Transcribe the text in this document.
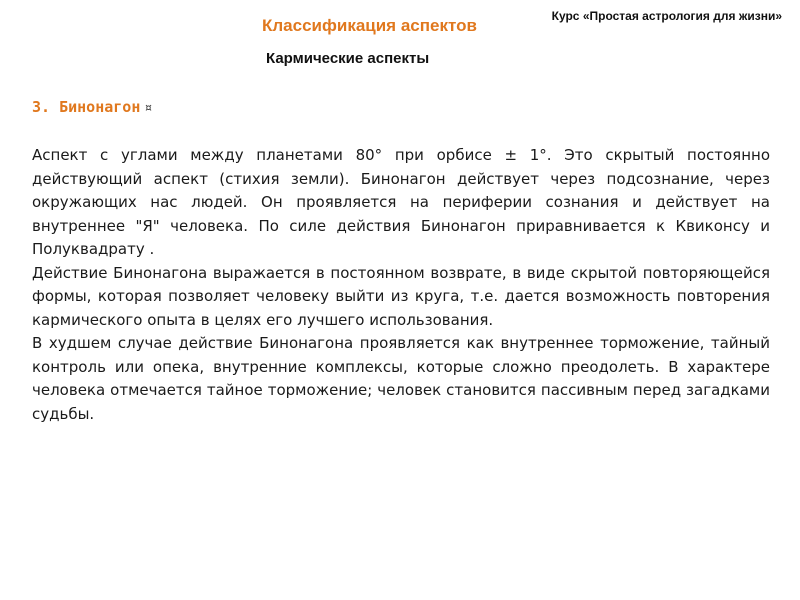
Курс «Простая астрология для жизни»
Классификация аспектов
Кармические аспекты
3. Бинонагон ¤

Аспект с углами между планетами 80° при орбисе ± 1°. Это скрытый постоянно действующий аспект (стихия земли). Бинонагон действует через подсознание, через окружающих нас людей. Он проявляется на периферии сознания и действует на внутреннее "Я" человека. По силе действия Бинонагон приравнивается к Квиконсу и Полуквадрату .

Действие Бинонагона выражается в постоянном возврате, в виде скрытой повторяющейся формы, которая позволяет человеку выйти из круга, т.е. дается возможность повторения кармического опыта в целях его лучшего использования.

В худшем случае действие Бинонагона проявляется как внутреннее торможение, тайный контроль или опека, внутренние комплексы, которые сложно преодолеть. В характере человека отмечается тайное торможение; человек становится пассивным перед загадками судьбы.
